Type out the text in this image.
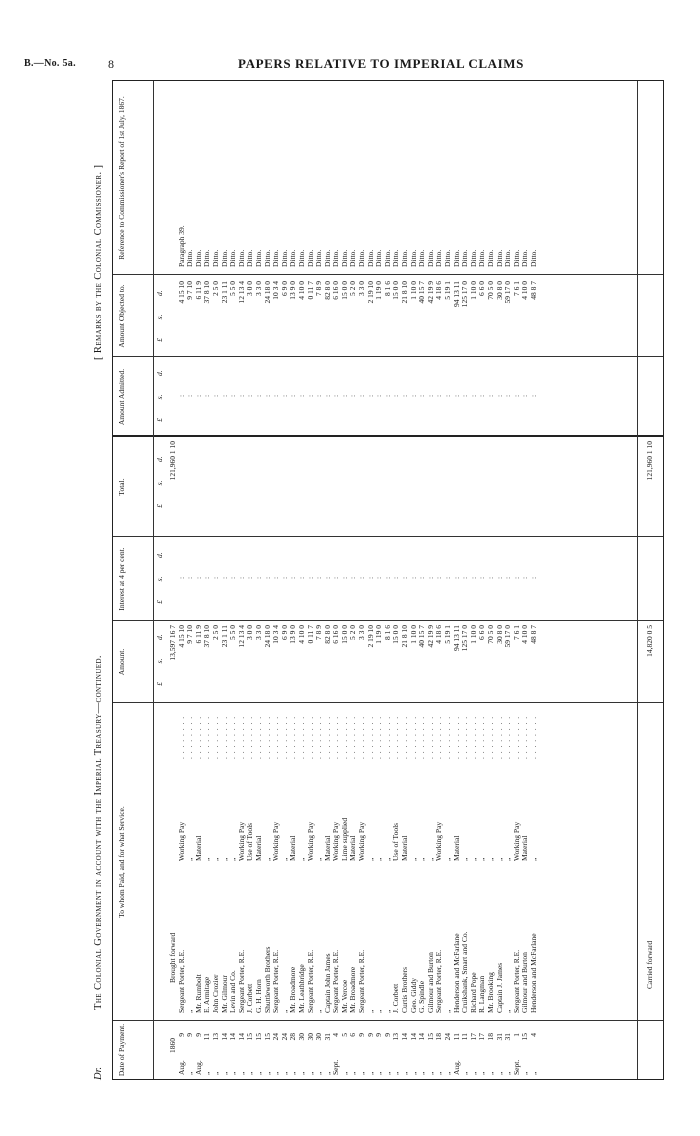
B.—No. 5a.	8	PAPERS RELATIVE TO IMPERIAL CLAIMS
Dr.
The Colonial Government in account with the Imperial Treasury—continued.
[ Remarks by the Colonial Commissioner. ]
Date of Payment.
To whom Paid, and for what Service.
Amount.
Interest at 4 per cent.
Total.
Amount Admitted.
Amount Objected to.
Reference to Commissioner's Report of 1st July, 1867.
£
s.
d.
£
s.
d.
£
s.
d.
£
s.
d.
£
s.
d.
1860
Brought forward
13,597 16 7
121,960 1 10
Aug.
9
Sergeant Porter, R.E.
Working Pay
4 15 10
4 15 10
Paragraph 39.
. . . . . . . .
:
:
„
9
„
„
9 7 10
9 7 10
Ditto.
. . . . . . . .
:
:
Aug.
9
Mr. Rumbolt
Material
6 11 9
6 11 9
Ditto.
. . . . . . . .
:
:
„
11
E. Armitage
„
37 8 10
37 8 10
Ditto.
. . . . . . . .
:
:
„
13
John Crozier
„
2 5 0
2 5 0
Ditto.
. . . . . . . .
:
:
„
14
Mr. Gilmour
„
23 1 11
23 1 11
Ditto.
. . . . . . . .
:
:
„
14
Levin and Co.
„
5 5 0
5 5 0
Ditto.
. . . . . . . .
:
:
„
14
Sergeant Porter, R.E.
Working Pay
12 13 4
12 13 4
Ditto.
. . . . . . . .
:
:
„
15
J. Corbett
Use of Tools
3 0 0
3 0 0
Ditto.
. . . . . . . .
:
:
„
15
G. H. Horn
Material
3 3 0
3 3 0
Ditto.
. . . . . . . .
:
:
„
15
Shuttleworth Brothers
„
24 18 0
24 18 0
Ditto.
. . . . . . . .
:
:
„
24
Sergeant Porter, R.E.
Working Pay
10 3 4
10 3 4
Ditto.
. . . . . . . .
:
:
„
24
„
„
6 9 0
6 9 0
Ditto.
. . . . . . . .
:
:
„
28
Mr. Broadmore
Material
13 9 0
13 9 0
Ditto.
. . . . . . . .
:
:
„
30
Mr. Leathbridge
„
4 10 0
4 10 0
Ditto.
. . . . . . . .
:
:
„
30
Sergeant Porter, R.E.
Working Pay
0 11 7
0 11 7
Ditto.
. . . . . . . .
:
:
„
30
„
„
7 8 9
7 8 9
Ditto.
. . . . . . . .
:
:
„
31
Captain John James
Material
82 8 0
82 8 0
Ditto.
. . . . . . . .
:
:
Sept.
4
Sergeant Porter, R.E.
Working Pay
6 16 0
6 16 0
Ditto.
. . . . . . . .
:
:
„
5
Mr. Vercoe
Lime supplied
15 0 0
15 0 0
Ditto.
. . . . . . . .
:
:
„
6
Mr. Broadmore
Material
5 2 0
5 2 0
Ditto.
. . . . . . . .
:
:
„
9
Sergeant Porter, R.E.
Working Pay
3 3 0
3 3 0
Ditto.
. . . . . . . .
:
:
„
9
„
„
2 19 10
2 19 10
Ditto.
. . . . . . . .
:
:
„
9
„
„
1 19 0
1 19 0
Ditto.
. . . . . . . .
:
:
„
9
„
„
8 1 6
8 1 6
Ditto.
. . . . . . . .
:
:
„
13
J. Corbett
Use of Tools
15 0 0
15 0 0
Ditto.
. . . . . . . .
:
:
„
14
Curtis Brothers
Material
21 8 10
21 8 10
Ditto.
. . . . . . . .
:
:
„
14
Geo. Giddy
„
1 10 0
1 10 0
Ditto.
. . . . . . . .
:
:
„
14
G. Spindle
„
40 15 7
40 15 7
Ditto.
. . . . . . . .
:
:
„
15
Gilmour and Burton
„
42 19 9
42 19 9
Ditto.
. . . . . . . .
:
:
„
18
Sergeant Porter, R.E.
Working Pay
4 18 6
4 18 6
Ditto.
. . . . . . . .
:
:
„
24
„
„
5 19 1
5 19 1
Ditto.
. . . . . . . .
:
:
Aug.
11
Henderson and McFarlane
Material
94 13 11
94 13 11
Ditto.
. . . . . . . .
:
:
„
11
Cruikshank, Smart and Co.
„
125 17 0
125 17 0
Ditto.
. . . . . . . .
:
:
„
17
Richard Pope
„
1 10 0
1 10 0
Ditto.
. . . . . . . .
:
:
„
17
R. Langman
„
6 6 0
6 6 0
Ditto.
. . . . . . . .
:
:
„
18
Mr. Brooking
„
70 5 0
70 5 0
Ditto.
. . . . . . . .
:
:
„
31
Captain J. James
„
30 8 0
30 8 0
Ditto.
. . . . . . . .
:
:
„
31
„
„
59 17 0
59 17 0
Ditto.
. . . . . . . .
:
:
Sept.
1
Sergeant Porter, R.E.
Working Pay
7 6 1
7 6 1
Ditto.
. . . . . . . .
:
:
„
15
Gilmour and Burton
Material
4 10 0
4 10 0
Ditto.
. . . . . . . .
:
:
„
4
Henderson and McFarlane
„
48 8 7
48 8 7
Ditto.
. . . . . . . .
:
:
Carried forward
14,820 0 5
121,960 1 10
